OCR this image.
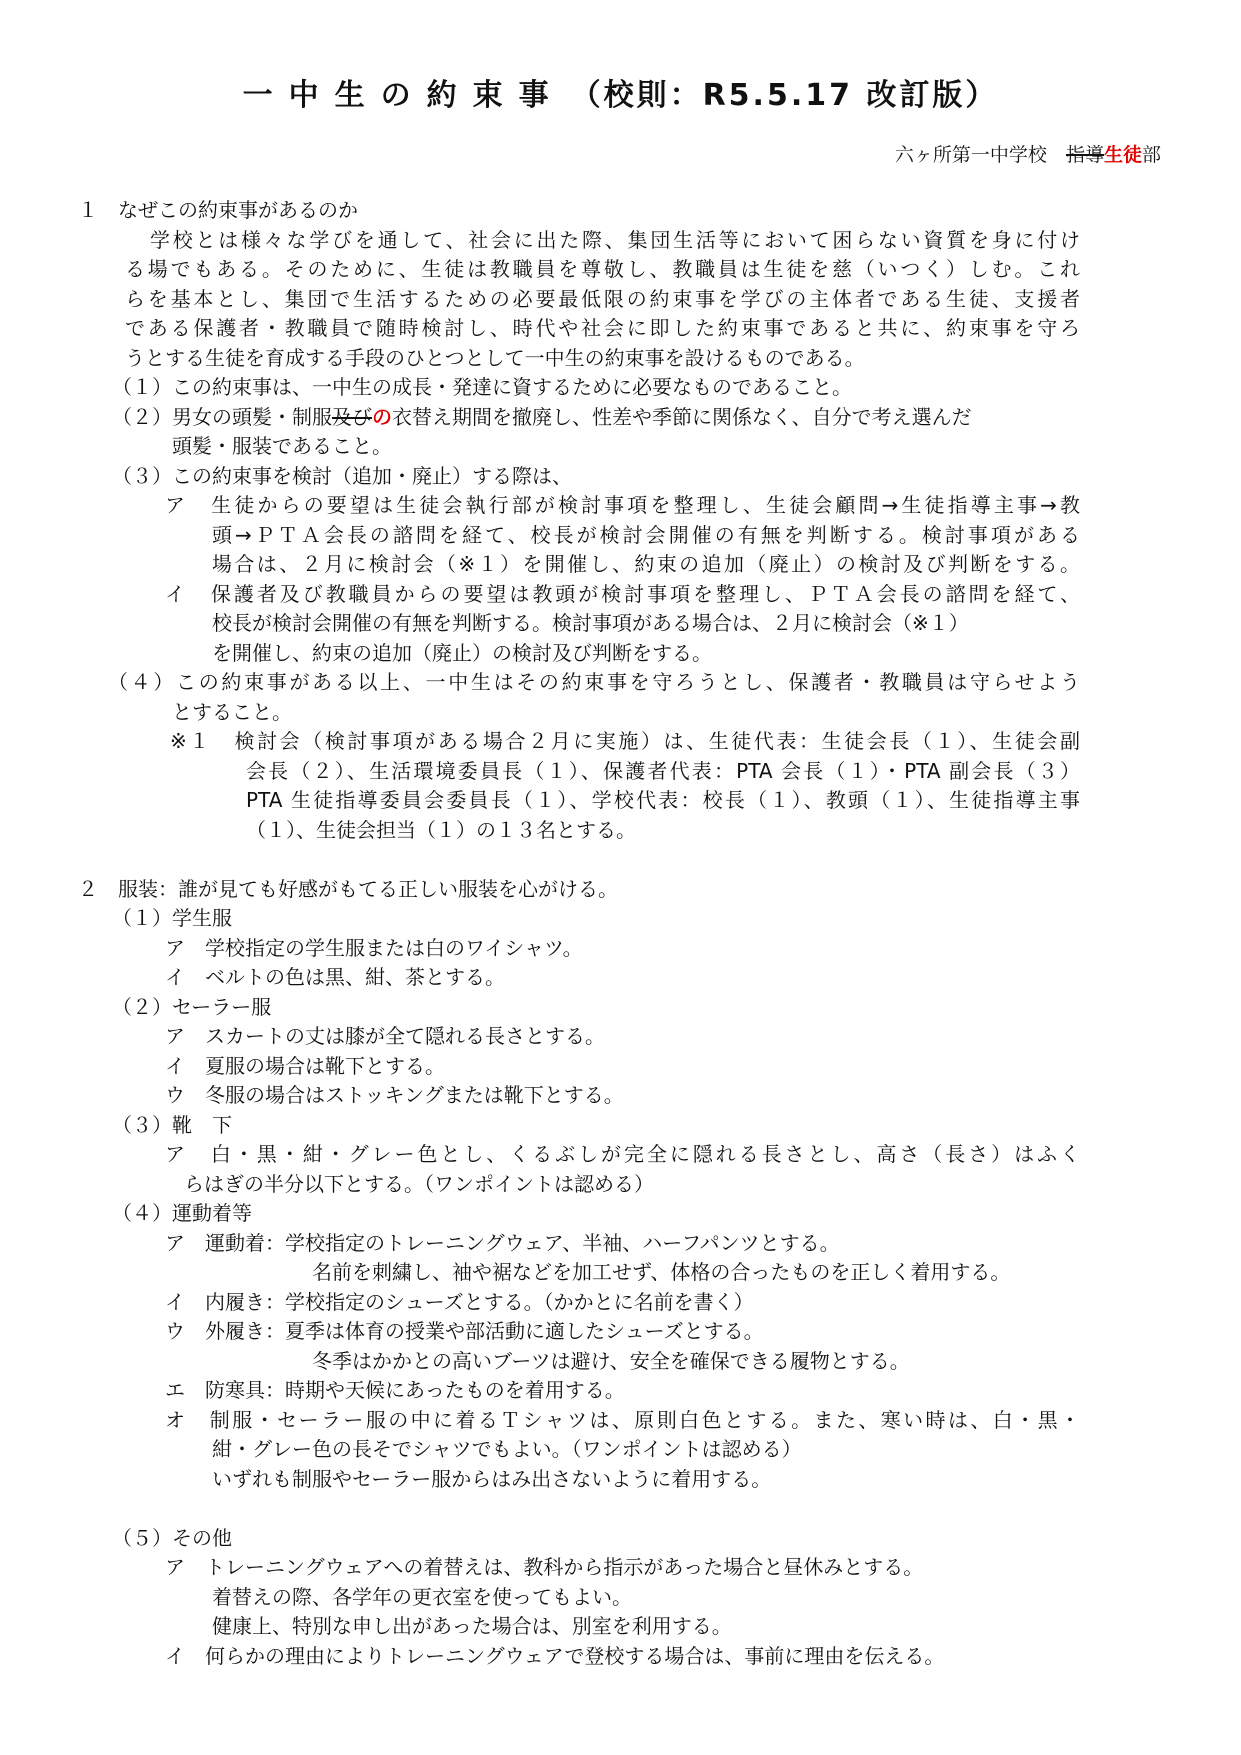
一中生の約束事 （校則：R5.5.17 改訂版）
六ヶ所第一中学校　 指導生徒部
１　なぜこの約束事があるのか
学校とは様々な学びを通して、社会に出た際、集団生活等において困らない資質を身に付け
る場でもある。そのために、生徒は教職員を尊敬し、教職員は生徒を慈（いつく）しむ。これ
らを基本とし、集団で生活するための必要最低限の約束事を学びの主体者である生徒、支援者
である保護者・教職員で随時検討し、時代や社会に即した約束事であると共に、約束事を守ろ
うとする生徒を育成する手段のひとつとして一中生の約束事を設けるものである。
（１）この約束事は、一中生の成長・発達に資するために必要なものであること。
（２）男女の頭髪・制服及びの衣替え期間を撤廃し、性差や季節に関係なく、自分で考え選んだ
頭髪・服装であること。
（３）この約束事を検討（追加・廃止）する際は、
ア　生徒からの要望は生徒会執行部が検討事項を整理し、生徒会顧問→生徒指導主事→教
頭→ＰＴＡ会長の諮問を経て、校長が検討会開催の有無を判断する。検討事項がある
場合は、２月に検討会（※１）を開催し、約束の追加（廃止）の検討及び判断をする。
イ　保護者及び教職員からの要望は教頭が検討事項を整理し、ＰＴＡ会長の諮問を経て、
校長が検討会開催の有無を判断する。検討事項がある場合は、２月に検討会（※１）
を開催し、約束の追加（廃止）の検討及び判断をする。
（４）この約束事がある以上、一中生はその約束事を守ろうとし、保護者・教職員は守らせよう
とすること。
※１　検討会（検討事項がある場合２月に実施）は、生徒代表：生徒会長（１）、生徒会副
会長（２）、生活環境委員長（１）、保護者代表：PTA 会長（１）・PTA 副会長（３）
PTA 生徒指導委員会委員長（１）、学校代表：校長（１）、教頭（１）、生徒指導主事
（１）、生徒会担当（１）の１３名とする。
２　服装：誰が見ても好感がもてる正しい服装を心がける。
（１）学生服
ア　学校指定の学生服または白のワイシャツ。
イ　ベルトの色は黒、紺、茶とする。
（２）セーラー服
ア　スカートの丈は膝が全て隠れる長さとする。
イ　夏服の場合は靴下とする。
ウ　冬服の場合はストッキングまたは靴下とする。
（３）靴　下
ア　白・黒・紺・グレー色とし、くるぶしが完全に隠れる長さとし、高さ（長さ）はふく
らはぎの半分以下とする。（ワンポイントは認める）
（４）運動着等
ア　運動着：学校指定のトレーニングウェア、半袖、ハーフパンツとする。
名前を刺繍し、袖や裾などを加工せず、体格の合ったものを正しく着用する。
イ　内履き：学校指定のシューズとする。（かかとに名前を書く）
ウ　外履き：夏季は体育の授業や部活動に適したシューズとする。
冬季はかかとの高いブーツは避け、安全を確保できる履物とする。
エ　防寒具：時期や天候にあったものを着用する。
オ　制服・セーラー服の中に着るＴシャツは、原則白色とする。また、寒い時は、白・黒・
紺・グレー色の長そでシャツでもよい。（ワンポイントは認める）
いずれも制服やセーラー服からはみ出さないように着用する。
（５）その他
ア　トレーニングウェアへの着替えは、教科から指示があった場合と昼休みとする。
着替えの際、各学年の更衣室を使ってもよい。
健康上、特別な申し出があった場合は、別室を利用する。
イ　何らかの理由によりトレーニングウェアで登校する場合は、事前に理由を伝える。
